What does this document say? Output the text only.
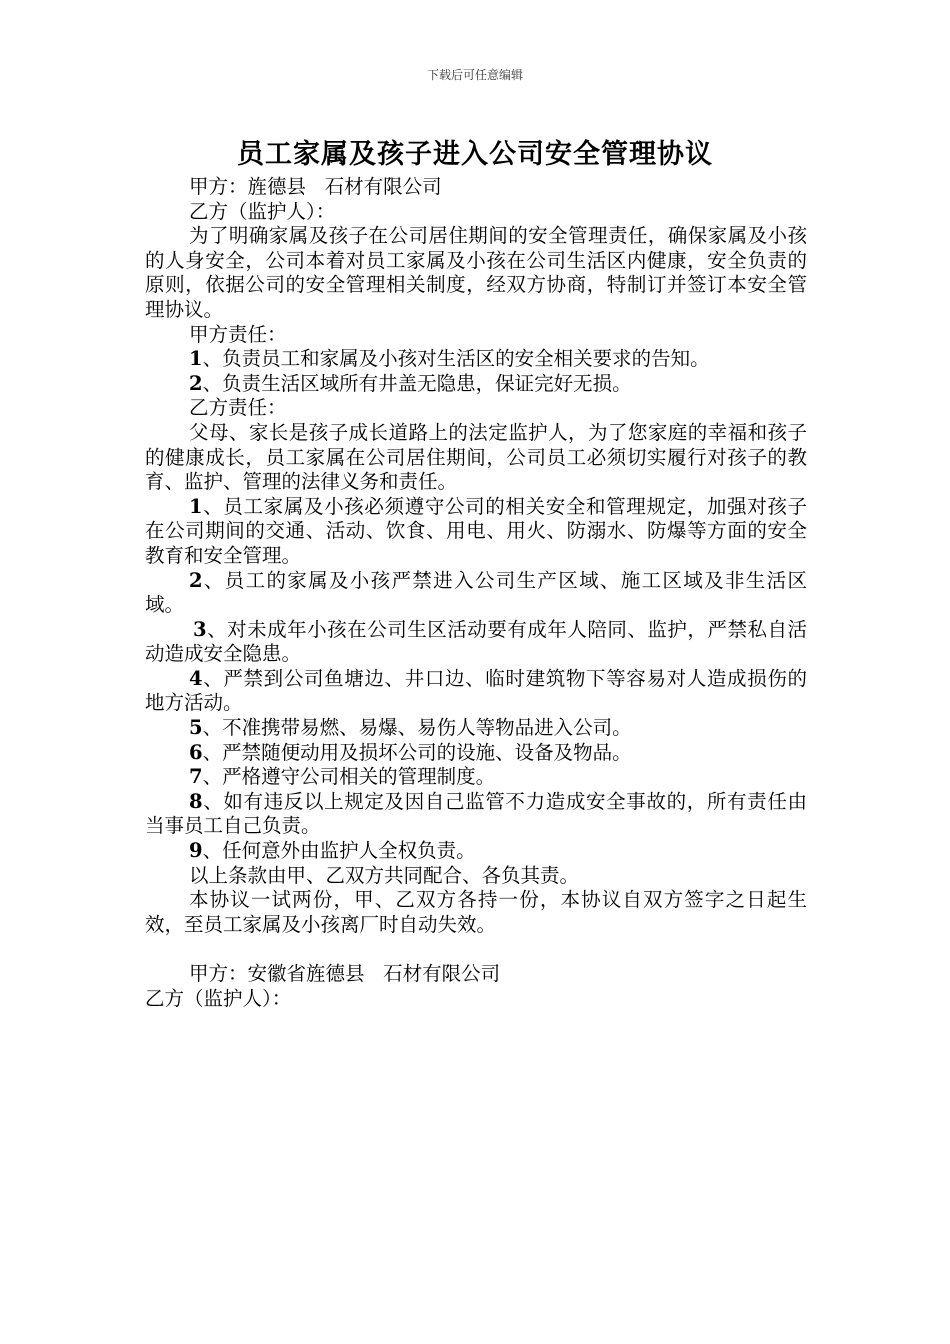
下载后可任意编辑
员工家属及孩子进入公司安全管理协议

甲方：旌德县   石材有限公司

乙方（监护人）：

为了明确家属及孩子在公司居住期间的安全管理责任，确保家属及小孩的人身安全，公司本着对员工家属及小孩在公司生活区内健康，安全负责的原则，依据公司的安全管理相关制度，经双方协商，特制订并签订本安全管理协议。

甲方责任：

1、负责员工和家属及小孩对生活区的安全相关要求的告知。

2、负责生活区域所有井盖无隐患，保证完好无损。

乙方责任：

父母、家长是孩子成长道路上的法定监护人，为了您家庭的幸福和孩子的健康成长，员工家属在公司居住期间，公司员工必须切实履行对孩子的教育、监护、管理的法律义务和责任。

1、员工家属及小孩必须遵守公司的相关安全和管理规定，加强对孩子在公司期间的交通、活动、饮食、用电、用火、防溺水、防爆等方面的安全教育和安全管理。

2、员工的家属及小孩严禁进入公司生产区域、施工区域及非生活区域。

3、对未成年小孩在公司生区活动要有成年人陪同、监护，严禁私自活动造成安全隐患。

4、严禁到公司鱼塘边、井口边、临时建筑物下等容易对人造成损伤的地方活动。

5、不准携带易燃、易爆、易伤人等物品进入公司。

6、严禁随便动用及损坏公司的设施、设备及物品。

7、严格遵守公司相关的管理制度。

8、如有违反以上规定及因自己监管不力造成安全事故的，所有责任由当事员工自己负责。

9、任何意外由监护人全权负责。

以上条款由甲、乙双方共同配合、各负其责。

本协议一试两份，甲、乙双方各持一份，本协议自双方签字之日起生效，至员工家属及小孩离厂时自动失效。

甲方：安徽省旌德县   石材有限公司

乙方（监护人）：
